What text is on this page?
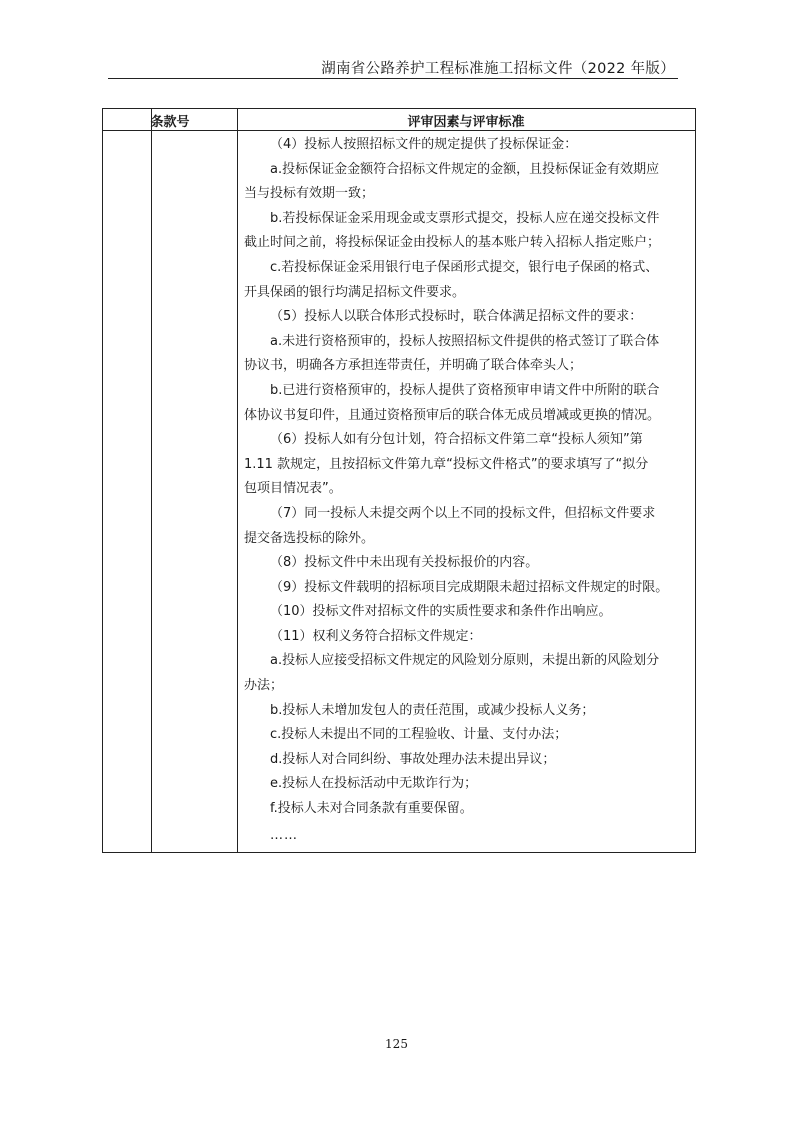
湖南省公路养护工程标准施工招标文件（2022 年版）
条款号	评审因素与评审标准

（4）投标人按照招标文件的规定提供了投标保证金：

a.投标保证金金额符合招标文件规定的金额，且投标保证金有效期应

当与投标有效期一致；

b.若投标保证金采用现金或支票形式提交，投标人应在递交投标文件

截止时间之前，将投标保证金由投标人的基本账户转入招标人指定账户；

c.若投标保证金采用银行电子保函形式提交，银行电子保函的格式、

开具保函的银行均满足招标文件要求。

（5）投标人以联合体形式投标时，联合体满足招标文件的要求：

a.未进行资格预审的，投标人按照招标文件提供的格式签订了联合体

协议书，明确各方承担连带责任，并明确了联合体牵头人；

b.已进行资格预审的，投标人提供了资格预审申请文件中所附的联合

体协议书复印件，且通过资格预审后的联合体无成员增减或更换的情况。

（6）投标人如有分包计划，符合招标文件第二章“投标人须知”第

1.11 款规定，且按招标文件第九章“投标文件格式”的要求填写了“拟分

包项目情况表”。

（7）同一投标人未提交两个以上不同的投标文件，但招标文件要求

提交备选投标的除外。

（8）投标文件中未出现有关投标报价的内容。

（9）投标文件载明的招标项目完成期限未超过招标文件规定的时限。

（10）投标文件对招标文件的实质性要求和条件作出响应。

（11）权利义务符合招标文件规定：

a.投标人应接受招标文件规定的风险划分原则，未提出新的风险划分

办法；

b.投标人未增加发包人的责任范围，或减少投标人义务；

c.投标人未提出不同的工程验收、计量、支付办法；

d.投标人对合同纠纷、事故处理办法未提出异议；

e.投标人在投标活动中无欺诈行为；

f.投标人未对合同条款有重要保留。

……

125
